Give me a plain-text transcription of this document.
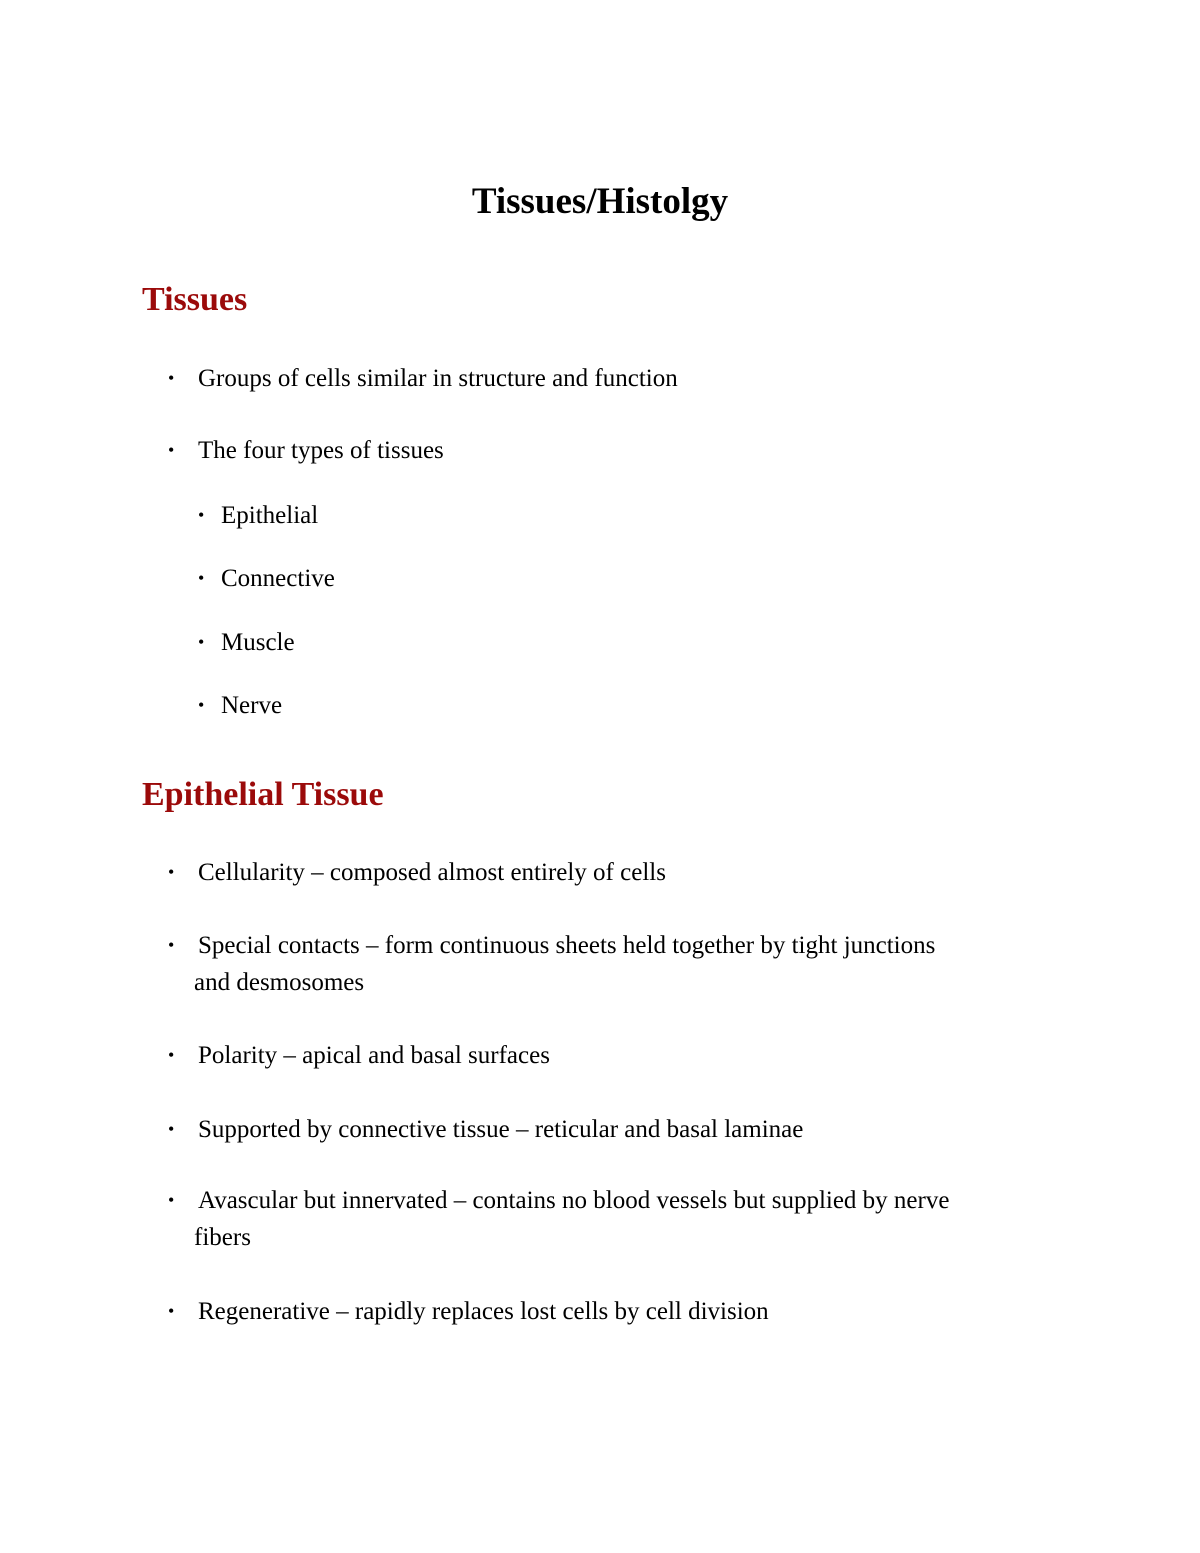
Tissues/Histolgy
Tissues
• Groups of cells similar in structure and function
• The four types of tissues
• Epithelial
• Connective
• Muscle
• Nerve
Epithelial Tissue
• Cellularity – composed almost entirely of cells
• Special contacts – form continuous sheets held together by tight junctions
and desmosomes
• Polarity – apical and basal surfaces
• Supported by connective tissue – reticular and basal laminae
• Avascular but innervated – contains no blood vessels but supplied by nerve
fibers
• Regenerative – rapidly replaces lost cells by cell division
